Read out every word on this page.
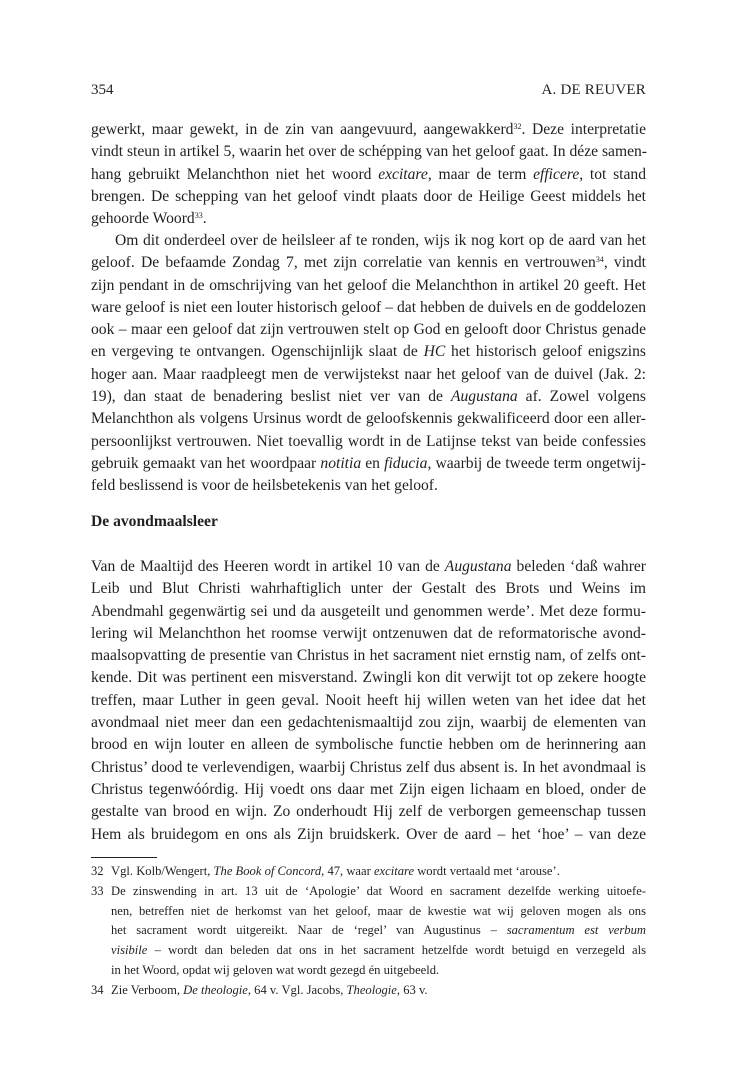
354	A. DE REUVER
gewerkt, maar gewekt, in de zin van aangevuurd, aangewakkerd$^{32}$. Deze interpretatie
vindt steun in artikel 5, waarin het over de schépping van het geloof gaat. In déze samen-
hang gebruikt Melanchthon niet het woord excitare, maar de term efficere, tot stand
brengen. De schepping van het geloof vindt plaats door de Heilige Geest middels het
gehoorde Woord$^{33}$.
Om dit onderdeel over de heilsleer af te ronden, wijs ik nog kort op de aard van het
geloof. De befaamde Zondag 7, met zijn correlatie van kennis en vertrouwen$^{34}$, vindt
zijn pendant in de omschrijving van het geloof die Melanchthon in artikel 20 geeft. Het
ware geloof is niet een louter historisch geloof – dat hebben de duivels en de goddelozen
ook – maar een geloof dat zijn vertrouwen stelt op God en gelooft door Christus genade
en vergeving te ontvangen. Ogenschijnlijk slaat de HC het historisch geloof enigszins
hoger aan. Maar raadpleegt men de verwijstekst naar het geloof van de duivel (Jak. 2:
19), dan staat de benadering beslist niet ver van de Augustana af. Zowel volgens
Melanchthon als volgens Ursinus wordt de geloofskennis gekwalificeerd door een aller-
persoonlijkst vertrouwen. Niet toevallig wordt in de Latijnse tekst van beide confessies
gebruik gemaakt van het woordpaar notitia en fiducia, waarbij de tweede term ongetwij-
feld beslissend is voor de heilsbetekenis van het geloof.
De avondmaalsleer
Van de Maaltijd des Heeren wordt in artikel 10 van de Augustana beleden ‘daß wahrer
Leib und Blut Christi wahrhaftiglich unter der Gestalt des Brots und Weins im
Abendmahl gegenwärtig sei und da ausgeteilt und genommen werde’. Met deze formu-
lering wil Melanchthon het roomse verwijt ontzenuwen dat de reformatorische avond-
maalsopvatting de presentie van Christus in het sacrament niet ernstig nam, of zelfs ont-
kende. Dit was pertinent een misverstand. Zwingli kon dit verwijt tot op zekere hoogte
treffen, maar Luther in geen geval. Nooit heeft hij willen weten van het idee dat het
avondmaal niet meer dan een gedachtenismaaltijd zou zijn, waarbij de elementen van
brood en wijn louter en alleen de symbolische functie hebben om de herinnering aan
Christus’ dood te verlevendigen, waarbij Christus zelf dus absent is. In het avondmaal is
Christus tegenwóórdig. Hij voedt ons daar met Zijn eigen lichaam en bloed, onder de
gestalte van brood en wijn. Zo onderhoudt Hij zelf de verborgen gemeenschap tussen
Hem als bruidegom en ons als Zijn bruidskerk. Over de aard – het ‘hoe’ – van deze
32 Vgl. Kolb/Wengert, The Book of Concord, 47, waar excitare wordt vertaald met ‘arouse’.
33 De zinswending in art. 13 uit de ‘Apologie’ dat Woord en sacrament dezelfde werking uitoefe-
nen, betreffen niet de herkomst van het geloof, maar de kwestie wat wij geloven mogen als ons
het sacrament wordt uitgereikt. Naar de ‘regel’ van Augustinus – sacramentum est verbum
visibile – wordt dan beleden dat ons in het sacrament hetzelfde wordt betuigd en verzegeld als
in het Woord, opdat wij geloven wat wordt gezegd én uitgebeeld.
34 Zie Verboom, De theologie, 64 v. Vgl. Jacobs, Theologie, 63 v.
